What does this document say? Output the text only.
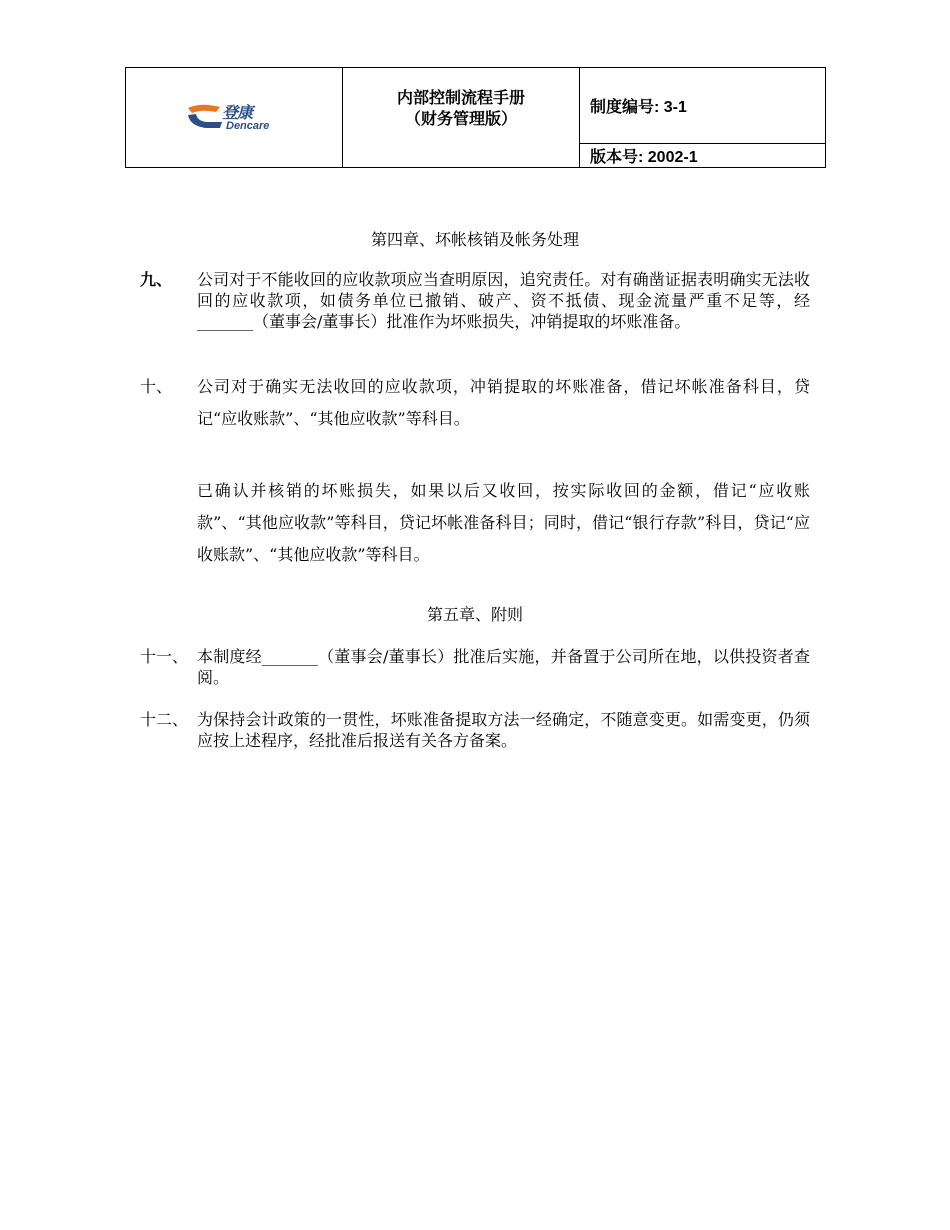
登康
Dencare

内部控制流程手册
（财务管理版）

制度编号: 3-1

版本号: 2002-1
第四章、坏帐核销及帐务处理
九、 公司对于不能收回的应收款项应当查明原因，追究责任。对有确凿证据表明确实无法收回的应收款项，如债务单位已撤销、破产、资不抵债、现金流量严重不足等，经_______（董事会/董事长）批准作为坏账损失，冲销提取的坏账准备。
十、 公司对于确实无法收回的应收款项，冲销提取的坏账准备，借记坏帐准备科目，贷记“应收账款”、“其他应收款”等科目。
已确认并核销的坏账损失，如果以后又收回，按实际收回的金额，借记“应收账款”、“其他应收款”等科目，贷记坏帐准备科目；同时，借记“银行存款”科目，贷记“应收账款”、“其他应收款”等科目。
第五章、附则
十一、 本制度经_______（董事会/董事长）批准后实施，并备置于公司所在地，以供投资者查阅。
十二、 为保持会计政策的一贯性，坏账准备提取方法一经确定，不随意变更。如需变更，仍须应按上述程序，经批准后报送有关各方备案。
